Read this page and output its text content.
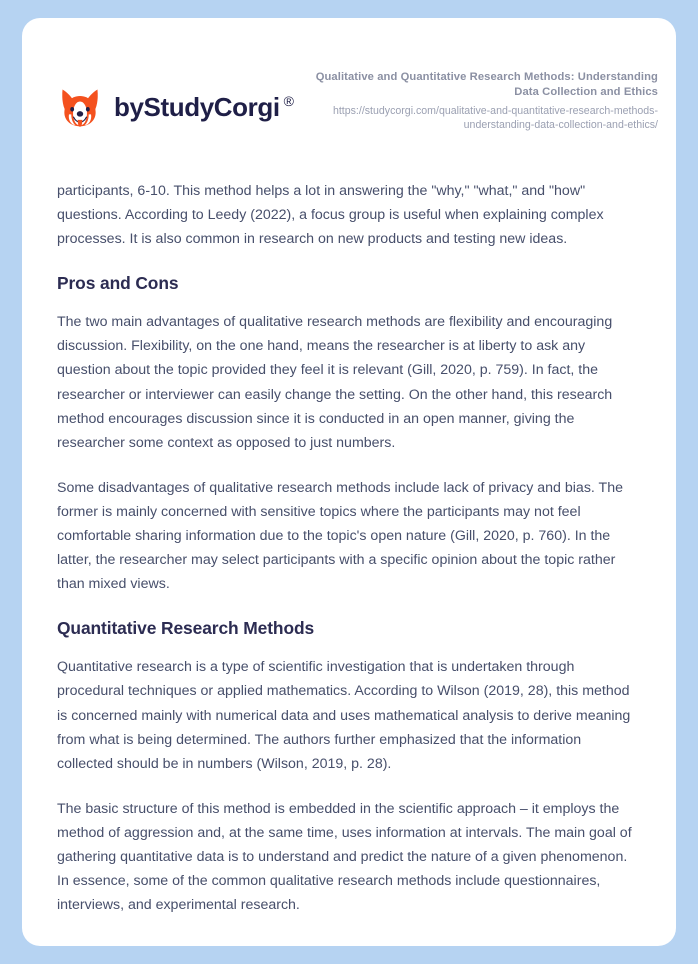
by StudyCorgi ®
Qualitative and Quantitative Research Methods: Understanding Data Collection and Ethics
https://studycorgi.com/qualitative-and-quantitative-research-methods-understanding-data-collection-and-ethics/

participants, 6-10. This method helps a lot in answering the "why," "what," and "how" questions. According to Leedy (2022), a focus group is useful when explaining complex processes. It is also common in research on new products and testing new ideas.

Pros and Cons

The two main advantages of qualitative research methods are flexibility and encouraging discussion. Flexibility, on the one hand, means the researcher is at liberty to ask any question about the topic provided they feel it is relevant (Gill, 2020, p. 759). In fact, the researcher or interviewer can easily change the setting. On the other hand, this research method encourages discussion since it is conducted in an open manner, giving the researcher some context as opposed to just numbers.

Some disadvantages of qualitative research methods include lack of privacy and bias. The former is mainly concerned with sensitive topics where the participants may not feel comfortable sharing information due to the topic's open nature (Gill, 2020, p. 760). In the latter, the researcher may select participants with a specific opinion about the topic rather than mixed views.

Quantitative Research Methods

Quantitative research is a type of scientific investigation that is undertaken through procedural techniques or applied mathematics. According to Wilson (2019, 28), this method is concerned mainly with numerical data and uses mathematical analysis to derive meaning from what is being determined. The authors further emphasized that the information collected should be in numbers (Wilson, 2019, p. 28).

The basic structure of this method is embedded in the scientific approach – it employs the method of aggression and, at the same time, uses information at intervals. The main goal of gathering quantitative data is to understand and predict the nature of a given phenomenon. In essence, some of the common qualitative research methods include questionnaires, interviews, and experimental research.
